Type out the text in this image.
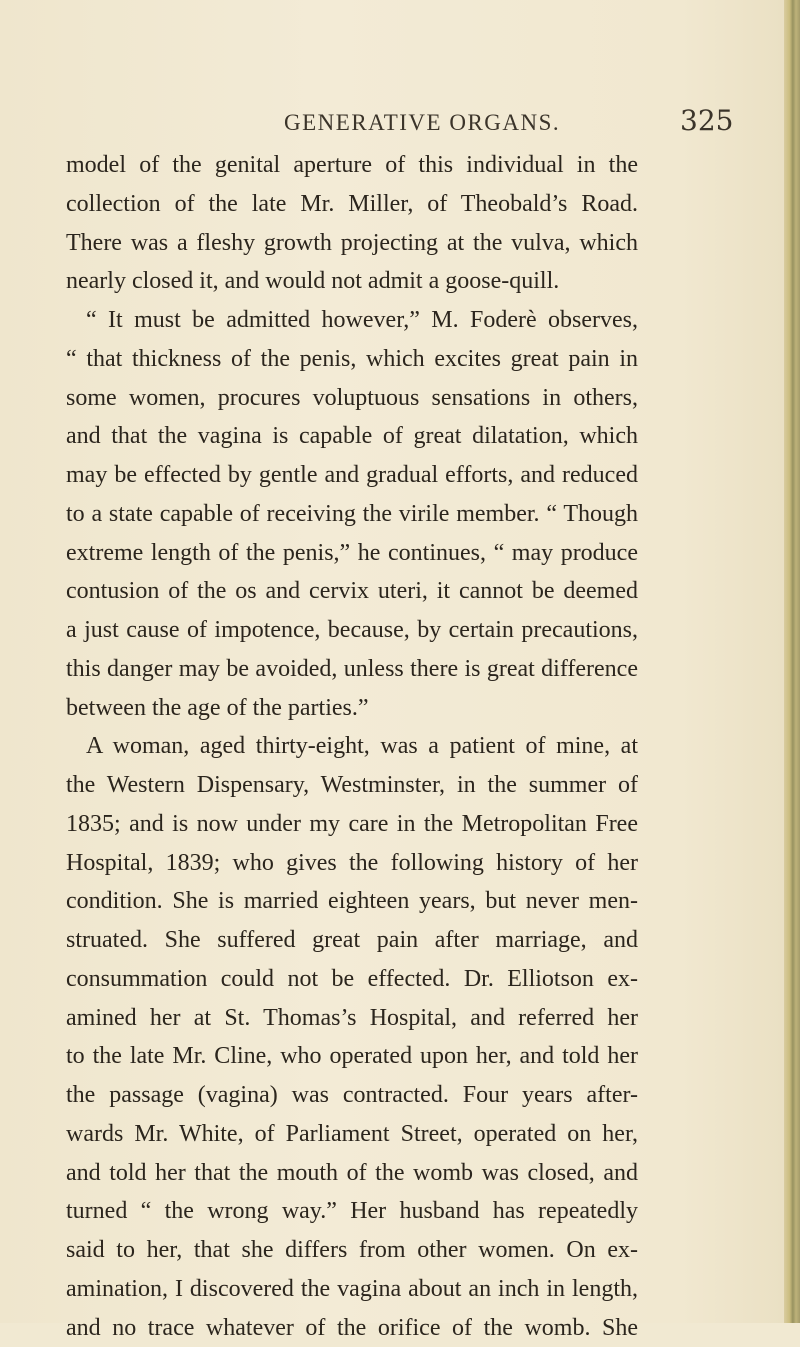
GENERATIVE ORGANS.	325
model of the genital aperture of this individual in the
collection of the late Mr. Miller, of Theobald’s Road.
There was a fleshy growth projecting at the vulva, which
nearly closed it, and would not admit a goose-quill.
“ It must be admitted however,” M. Foderè observes,
“ that thickness of the penis, which excites great pain in
some women, procures voluptuous sensations in others,
and that the vagina is capable of great dilatation, which
may be effected by gentle and gradual efforts, and reduced
to a state capable of receiving the virile member. “ Though
extreme length of the penis,” he continues, “ may produce
contusion of the os and cervix uteri, it cannot be deemed
a just cause of impotence, because, by certain precautions,
this danger may be avoided, unless there is great difference
between the age of the parties.”
A woman, aged thirty-eight, was a patient of mine, at
the Western Dispensary, Westminster, in the summer of
1835; and is now under my care in the Metropolitan Free
Hospital, 1839; who gives the following history of her
condition. She is married eighteen years, but never men-
struated. She suffered great pain after marriage, and
consummation could not be effected. Dr. Elliotson ex-
amined her at St. Thomas’s Hospital, and referred her
to the late Mr. Cline, who operated upon her, and told her
the passage (vagina) was contracted. Four years after-
wards Mr. White, of Parliament Street, operated on her,
and told her that the mouth of the womb was closed, and
turned “ the wrong way.” Her husband has repeatedly
said to her, that she differs from other women. On ex-
amination, I discovered the vagina about an inch in length,
and no trace whatever of the orifice of the womb. She
